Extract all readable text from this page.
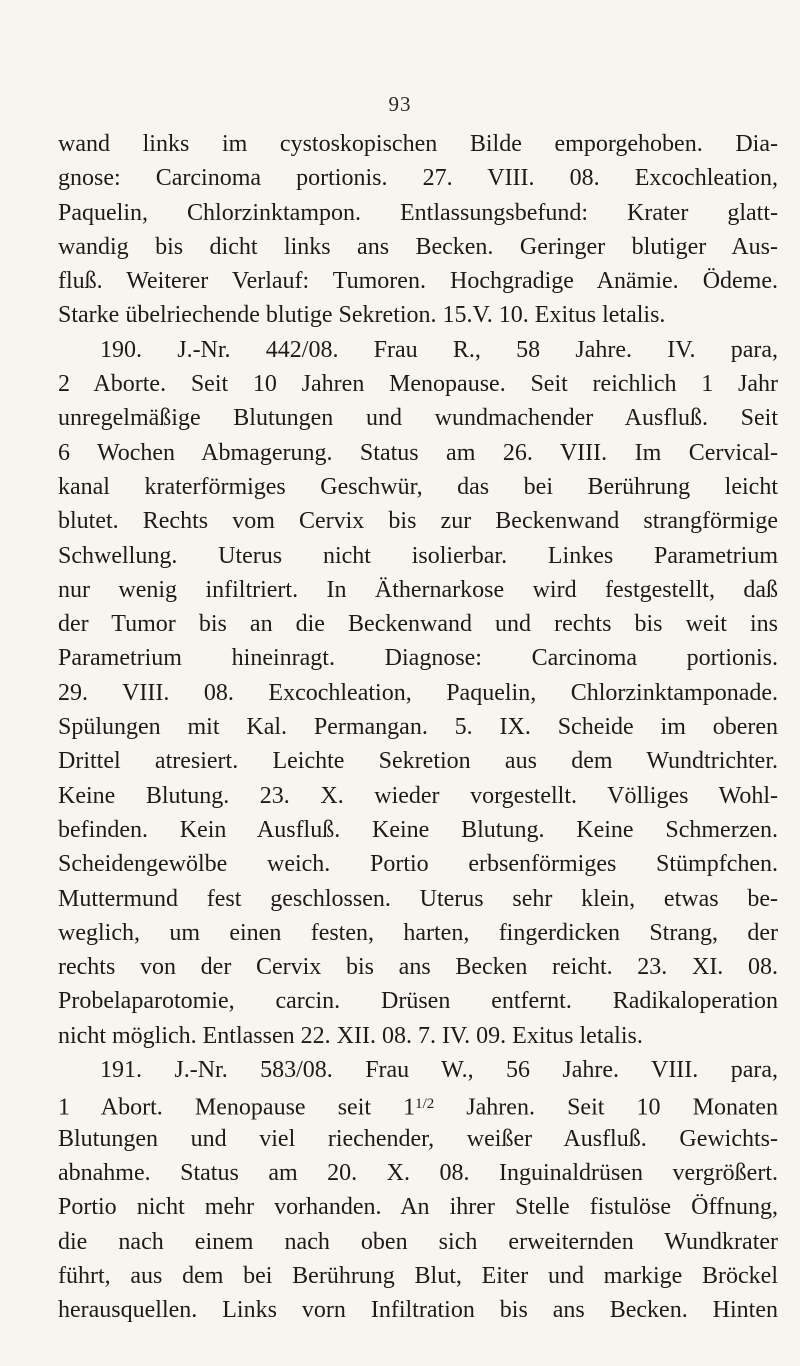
93
wand links im cystoskopischen Bilde emporgehoben. Dia-
gnose: Carcinoma portionis. 27. VIII. 08. Excochleation,
Paquelin, Chlorzinktampon. Entlassungsbefund: Krater glatt-
wandig bis dicht links ans Becken. Geringer blutiger Aus-
fluß. Weiterer Verlauf: Tumoren. Hochgradige Anämie. Ödeme.
Starke übelriechende blutige Sekretion. 15.V. 10. Exitus letalis.
190. J.-Nr. 442/08. Frau R., 58 Jahre. IV. para,
2 Aborte. Seit 10 Jahren Menopause. Seit reichlich 1 Jahr
unregelmäßige Blutungen und wundmachender Ausfluß. Seit
6 Wochen Abmagerung. Status am 26. VIII. Im Cervical-
kanal kraterförmiges Geschwür, das bei Berührung leicht
blutet. Rechts vom Cervix bis zur Beckenwand strangförmige
Schwellung. Uterus nicht isolierbar. Linkes Parametrium
nur wenig infiltriert. In Äthernarkose wird festgestellt, daß
der Tumor bis an die Beckenwand und rechts bis weit ins
Parametrium hineinragt. Diagnose: Carcinoma portionis.
29. VIII. 08. Excochleation, Paquelin, Chlorzinktamponade.
Spülungen mit Kal. Permangan. 5. IX. Scheide im oberen
Drittel atresiert. Leichte Sekretion aus dem Wundtrichter.
Keine Blutung. 23. X. wieder vorgestellt. Völliges Wohl-
befinden. Kein Ausfluß. Keine Blutung. Keine Schmerzen.
Scheidengewölbe weich. Portio erbsenförmiges Stümpfchen.
Muttermund fest geschlossen. Uterus sehr klein, etwas be-
weglich, um einen festen, harten, fingerdicken Strang, der
rechts von der Cervix bis ans Becken reicht. 23. XI. 08.
Probelaparotomie, carcin. Drüsen entfernt. Radikaloperation
nicht möglich. Entlassen 22. XII. 08. 7. IV. 09. Exitus letalis.
191. J.-Nr. 583/08. Frau W., 56 Jahre. VIII. para,
1 Abort. Menopause seit $1^{1/2}$ Jahren. Seit 10 Monaten
Blutungen und viel riechender, weißer Ausfluß. Gewichts-
abnahme. Status am 20. X. 08. Inguinaldrüsen vergrößert.
Portio nicht mehr vorhanden. An ihrer Stelle fistulöse Öffnung,
die nach einem nach oben sich erweiternden Wundkrater
führt, aus dem bei Berührung Blut, Eiter und markige Bröckel
herausquellen. Links vorn Infiltration bis ans Becken. Hinten
